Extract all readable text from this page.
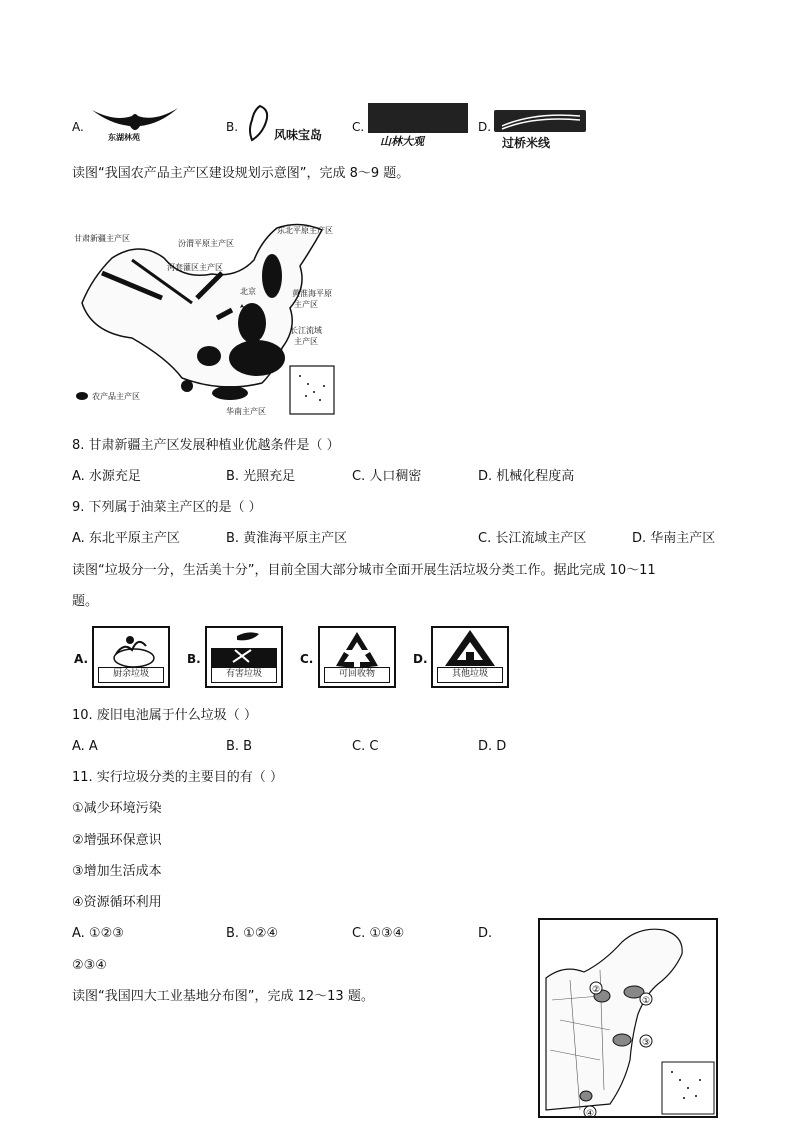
A.
东湖林苑
B.
风味宝岛
C.
山林大观
D.
过桥米线
读图“我国农产品主产区建设规划示意图”，完成 8～9 题。
甘肃新疆主产区
汾渭平原主产区
东北平原主产区
河套灌区主产区
北京	黄淮海平原
主产区
长江流域
主产区
华南主产区
农产品主产区
8. 甘肃新疆主产区发展种植业优越条件是（ ）
A. 水源充足	B. 光照充足	C. 人口稠密	D. 机械化程度高
9. 下列属于油菜主产区的是（ ）
A. 东北平原主产区	B. 黄淮海平原主产区	C. 长江流域主产区	D. 华南主产区
读图“垃圾分一分，生活美十分”，目前全国大部分城市全面开展生活垃圾分类工作。据此完成 10～11
题。
A.
厨余垃圾
B.
有害垃圾
C.
可回收物
D.
其他垃圾
10. 废旧电池属于什么垃圾（ ）
A. A	B. B	C. C	D. D
11. 实行垃圾分类的主要目的有（ ）
①减少环境污染
②增强环保意识
③增加生活成本
④资源循环利用
A. ①②③	B. ①②④	C. ①③④	D.
②③④
读图“我国四大工业基地分布图”，完成 12～13 题。	①
②
③
④
